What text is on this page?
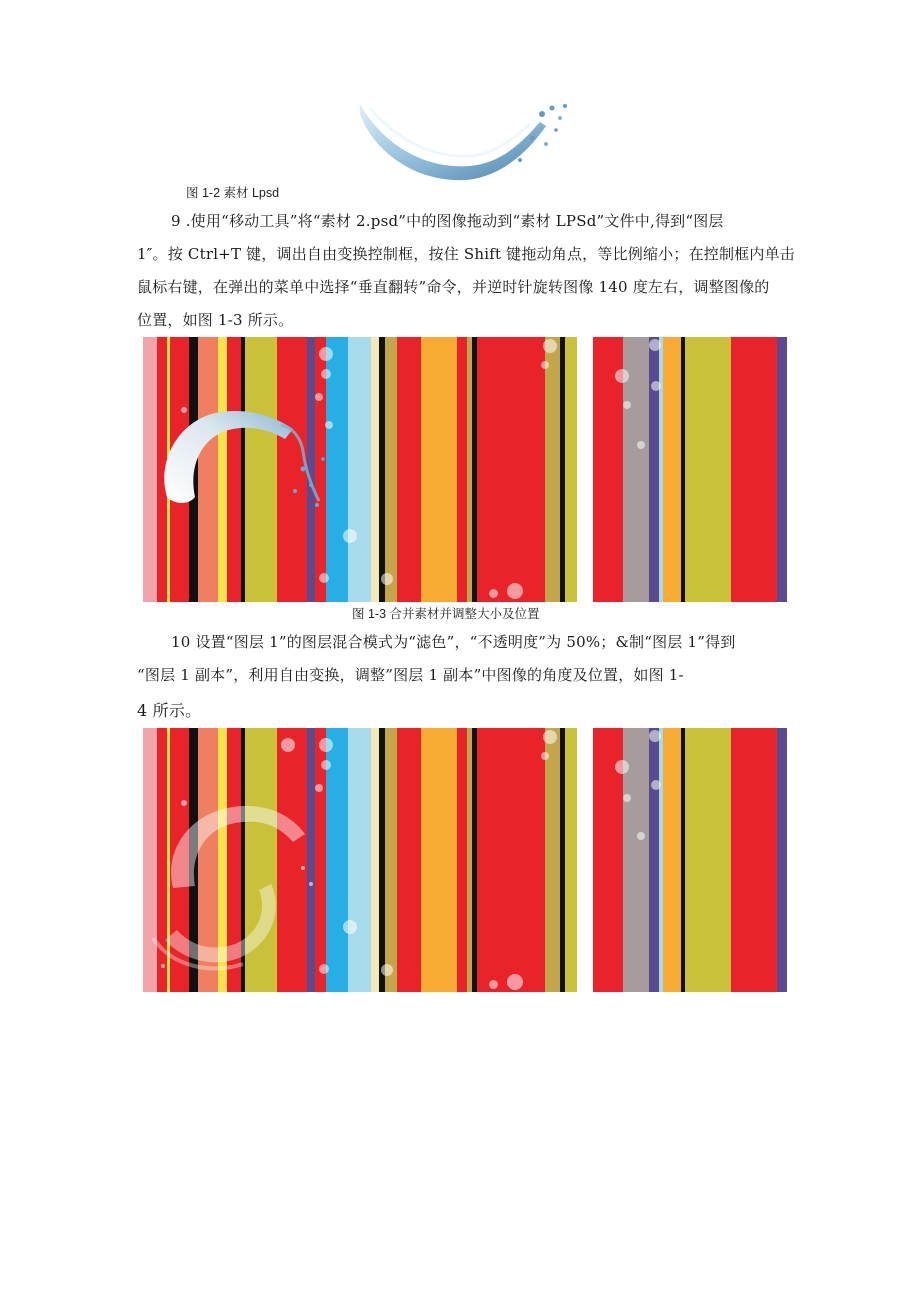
图 1-2 素材 Lpsd
9 .使用“移动工具”将“素材 2.psd”中的图像拖动到“素材 LPSd”文件中,得到“图层
1″。按 Ctrl+T 键，调出自由变换控制框，按住 Shift 键拖动角点，等比例缩小；在控制框内单击
鼠标右键，在弹出的菜单中选择“垂直翻转”命令，并逆时针旋转图像 140 度左右，调整图像的
位置，如图 1-3 所示。
图 1-3 合并素材并调整大小及位置
10 设置“图层 1”的图层混合模式为“滤色”，“不透明度”为 50%；&制“图层 1”得到
“图层 1 副本”，利用自由变换，调整”图层 1 副本”中图像的角度及位置，如图 1-
4 所示。
